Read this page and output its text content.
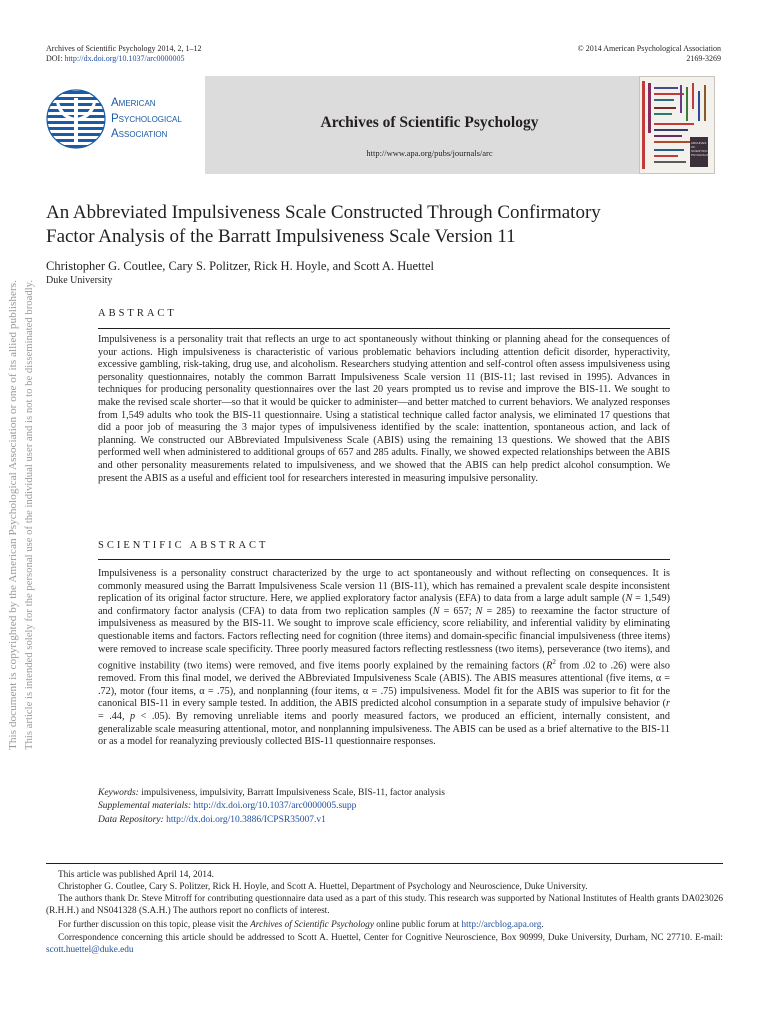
Archives of Scientific Psychology 2014, 2, 1–12
DOI: http://dx.doi.org/10.1037/arc0000005
© 2014 American Psychological Association
2169-3269
Archives of Scientific Psychology
http://www.apa.org/pubs/journals/arc
American
Psychological
Association
ARCHIVES OF
SCIENTIFIC
PSYCHOLOGY
This document is copyrighted by the American Psychological Association or one of its allied publishers. This article is intended solely for the personal use of the individual user and is not to be disseminated broadly.
An Abbreviated Impulsiveness Scale Constructed Through Confirmatory
Factor Analysis of the Barratt Impulsiveness Scale Version 11
Christopher G. Coutlee, Cary S. Politzer, Rick H. Hoyle, and Scott A. Huettel
Duke University
ABSTRACT
Impulsiveness is a personality trait that reflects an urge to act spontaneously without thinking or planning ahead for the consequences of your actions. High impulsiveness is characteristic of various problematic behaviors including attention deficit disorder, hyperactivity, excessive gambling, risk-taking, drug use, and alcoholism. Researchers studying attention and self-control often assess impulsiveness using personality questionnaires, notably the common Barratt Impulsiveness Scale version 11 (BIS-11; last revised in 1995). Advances in techniques for producing personality questionnaires over the last 20 years prompted us to revise and improve the BIS-11. We sought to make the revised scale shorter—so that it would be quicker to administer—and better matched to current behaviors. We analyzed responses from 1,549 adults who took the BIS-11 questionnaire. Using a statistical technique called factor analysis, we eliminated 17 questions that did a poor job of measuring the 3 major types of impulsiveness identified by the scale: inattention, spontaneous action, and lack of planning. We constructed our ABbreviated Impulsiveness Scale (ABIS) using the remaining 13 questions. We showed that the ABIS performed well when administered to additional groups of 657 and 285 adults. Finally, we showed expected relationships between the ABIS and other personality measurements related to impulsiveness, and we showed that the ABIS can help predict alcohol consumption. We present the ABIS as a useful and efficient tool for researchers interested in measuring impulsive personality.
SCIENTIFIC ABSTRACT
Impulsiveness is a personality construct characterized by the urge to act spontaneously and without reflecting on consequences. It is commonly measured using the Barratt Impulsiveness Scale version 11 (BIS-11), which has remained a prevalent scale despite inconsistent replication of its original factor structure. Here, we applied exploratory factor analysis (EFA) to data from a large adult sample (N = 1,549) and confirmatory factor analysis (CFA) to data from two replication samples (N = 657; N = 285) to reexamine the factor structure of impulsiveness as measured by the BIS-11. We sought to improve scale efficiency, score reliability, and inferential validity by eliminating questionable items and factors. Factors reflecting need for cognition (three items) and domain-specific financial impulsiveness (three items) were removed to increase scale specificity. Three poorly measured factors reflecting restlessness (two items), perseverance (two items), and cognitive instability (two items) were removed, and five items poorly explained by the remaining factors ($R^2$ from .02 to .26) were also removed. From this final model, we derived the ABbreviated Impulsiveness Scale (ABIS). The ABIS measures attentional (five items, α = .72), motor (four items, α = .75), and nonplanning (four items, α = .75) impulsiveness. Model fit for the ABIS was superior to fit for the canonical BIS-11 in every sample tested. In addition, the ABIS predicted alcohol consumption in a separate study of impulsive behavior (r = .44, p < .05). By removing unreliable items and poorly measured factors, we produced an efficient, internally consistent, and generalizable scale measuring attentional, motor, and nonplanning impulsiveness. The ABIS can be used as a brief alternative to the BIS-11 or as a model for reanalyzing previously collected BIS-11 questionnaire responses.
Keywords: impulsiveness, impulsivity, Barratt Impulsiveness Scale, BIS-11, factor analysis
Supplemental materials: http://dx.doi.org/10.1037/arc0000005.supp
Data Repository: http://dx.doi.org/10.3886/ICPSR35007.v1
This article was published April 14, 2014.
Christopher G. Coutlee, Cary S. Politzer, Rick H. Hoyle, and Scott A. Huettel, Department of Psychology and Neuroscience, Duke University.
The authors thank Dr. Steve Mitroff for contributing questionnaire data used as a part of this study. This research was supported by National Institutes of Health grants DA023026 (R.H.H.) and NS041328 (S.A.H.) The authors report no conflicts of interest.
For further discussion on this topic, please visit the Archives of Scientific Psychology online public forum at http://arcblog.apa.org.
Correspondence concerning this article should be addressed to Scott A. Huettel, Center for Cognitive Neuroscience, Box 90999, Duke University, Durham, NC 27710. E-mail: scott.huettel@duke.edu
